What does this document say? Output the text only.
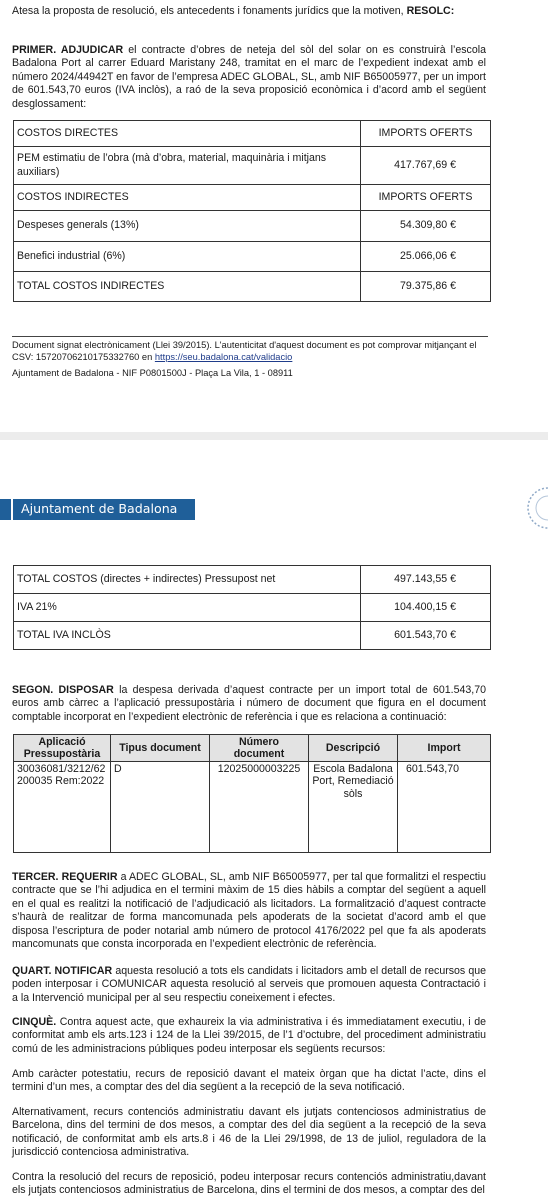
Atesa la proposta de resolució, els antecedents i fonaments jurídics que la motiven, RESOLC:

PRIMER. ADJUDICAR el contracte d’obres de neteja del sòl del solar on es construirà l’escola Badalona Port al carrer Eduard Maristany 248, tramitat en el marc de l’expedient indexat amb el número 2024/44942T en favor de l’empresa ADEC GLOBAL, SL, amb NIF B65005977, per un import de 601.543,70 euros (IVA inclòs), a raó de la seva proposició econòmica i d’acord amb el següent desglossament:

COSTOS DIRECTES	IMPORTS OFERTS
PEM estimatiu de l’obra (mà d’obra, material, maquinària i mitjans auxiliars)	417.767,69 €
COSTOS INDIRECTES	IMPORTS OFERTS
Despeses generals (13%)	54.309,80 €
Benefici industrial (6%)	25.066,06 €
TOTAL COSTOS INDIRECTES	79.375,86 €
Document signat electrònicament (Llei 39/2015). L'autenticitat d'aquest document es pot comprovar mitjançant el
CSV: 15720706210175332760 en https://seu.badalona.cat/validacio
Ajuntament de Badalona - NIF P0801500J - Plaça La Vila, 1 - 08911
Ajuntament de Badalona
TOTAL COSTOS (directes + indirectes) Pressupost net	497.143,55 €
IVA 21%	104.400,15 €
TOTAL IVA INCLÒS	601.543,70 €

SEGON. DISPOSAR la despesa derivada d’aquest contracte per un import total de 601.543,70 euros amb càrrec a l’aplicació pressupostària i número de document que figura en el document comptable incorporat en l’expedient electrònic de referència i que es relaciona a continuació:

Aplicació Pressupostària	Tipus document	Número document	Descripció	Import
30036081/3212/62 200035 Rem:2022	D	12025000003225	Escola Badalona Port, Remediació sòls	601.543,70

TERCER. REQUERIR a ADEC GLOBAL, SL, amb NIF B65005977, per tal que formalitzi el respectiu contracte que se l’hi adjudica en el termini màxim de 15 dies hàbils a comptar del següent a aquell en el qual es realitzi la notificació de l’adjudicació als licitadors. La formalització d’aquest contracte s’haurà de realitzar de forma mancomunada pels apoderats de la societat d’acord amb el que disposa l’escriptura de poder notarial amb número de protocol 4176/2022 pel que fa als apoderats mancomunats que consta incorporada en l’expedient electrònic de referència.

QUART. NOTIFICAR aquesta resolució a tots els candidats i licitadors amb el detall de recursos que poden interposar i COMUNICAR aquesta resolució al serveis que promouen aquesta Contractació i a la Intervenció municipal per al seu respectiu coneixement i efectes.

CINQUÈ. Contra aquest acte, que exhaureix la via administrativa i és immediatament executiu, i de conformitat amb els arts.123 i 124 de la Llei 39/2015, de l’1 d’octubre, del procediment administratiu comú de les administracions públiques podeu interposar els següents recursos:

Amb caràcter potestatiu, recurs de reposició davant el mateix òrgan que ha dictat l’acte, dins el termini d’un mes, a comptar des del dia següent a la recepció de la seva notificació.

Alternativament, recurs contenciós administratiu davant els jutjats contenciosos administratius de Barcelona, dins del termini de dos mesos, a comptar des del dia següent a la recepció de la seva notificació, de conformitat amb els arts.8 i 46 de la Llei 29/1998, de 13 de juliol, reguladora de la jurisdicció contenciosa administrativa.

Contra la resolució del recurs de reposició, podeu interposar recurs contenciós administratiu,davant els jutjats contenciosos administratius de Barcelona, dins el termini de dos mesos, a comptar des del
